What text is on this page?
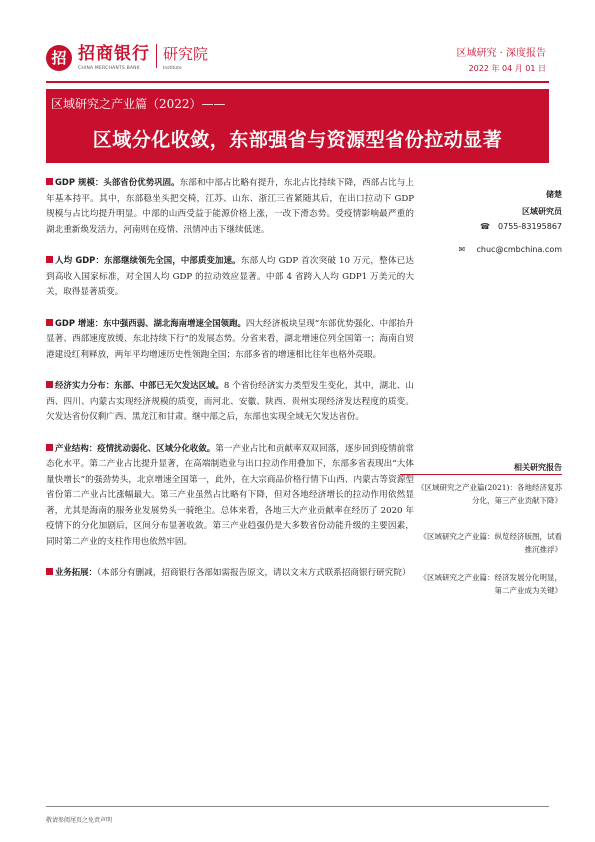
招 招商银行
CHINA MERCHANTS BANK
研究院
Institute
区域研究 · 深度报告
2022 年 04 月 01 日
区域研究之产业篇（2022）——
区域分化收敛，东部强省与资源型省份拉动显著

GDP 规模：头部省份优势巩固。东部和中部占比略有提升，东北占比持续下降，西部占比与上年基本持平。其中，东部稳坐头把交椅，江苏、山东、浙江三省紧随其后，在出口拉动下 GDP 规模与占比均提升明显。中部的山西受益于能源价格上涨，一改下滑态势。受疫情影响最严重的湖北重新焕发活力，河南则在疫情、汛情冲击下继续低迷。

人均 GDP：东部继续领先全国，中部质变加速。东部人均 GDP 首次突破 10 万元，整体已达到高收入国家标准，对全国人均 GDP 的拉动效应显著。中部 4 省跨入人均 GDP1 万美元的大关，取得显著质变。

GDP 增速：东中强西弱、湖北海南增速全国领跑。四大经济板块呈现“东部优势强化、中部抬升显著、西部速度放缓、东北持续下行”的发展态势。分省来看，湖北增速位列全国第一；海南自贸港建设红利释放，两年平均增速历史性领跑全国；东部多省的增速相比往年也格外亮眼。

经济实力分布：东部、中部已无欠发达区域。8 个省份经济实力类型发生变化，其中，湖北、山西、四川、内蒙古实现经济规模的质变，而河北、安徽、陕西、贵州实现经济发达程度的质变。欠发达省份仅剩广西、黑龙江和甘肃。继中部之后，东部也实现全域无欠发达省份。

产业结构：疫情扰动弱化、区域分化收敛。第一产业占比和贡献率双双回落，逐步回到疫情前常态化水平。第二产业占比提升显著，在高端制造业与出口拉动作用叠加下，东部多省表现出“大体量快增长”的强劲势头，北京增速全国第一，此外，在大宗商品价格行情下山西、内蒙古等资源型省份第二产业占比涨幅最大。第三产业虽然占比略有下降，但对各地经济增长的拉动作用依然显著，尤其是海南的服务业发展势头一骑绝尘。总体来看，各地三大产业贡献率在经历了 2020 年疫情下的分化加剧后，区间分布显著收敛。第三产业趋强仍是大多数省份动能升级的主要因素，同时第二产业的支柱作用也依然牢固。

业务拓展：（本部分有删减，招商银行各部如需报告原文，请以文末方式联系招商银行研究院）

储楚
区域研究员
☎ 0755-83195867
✉ chuc@cmbchina.com
相关研究报告
《区域研究之产业篇(2021)：各地经济复苏分化，第三产业贡献下降》
《区域研究之产业篇：纵览经济版图，试看推沉推浮》
《区域研究之产业篇：经济发展分化明显，第二产业成为关键》
敬请参阅尾页之免责声明
